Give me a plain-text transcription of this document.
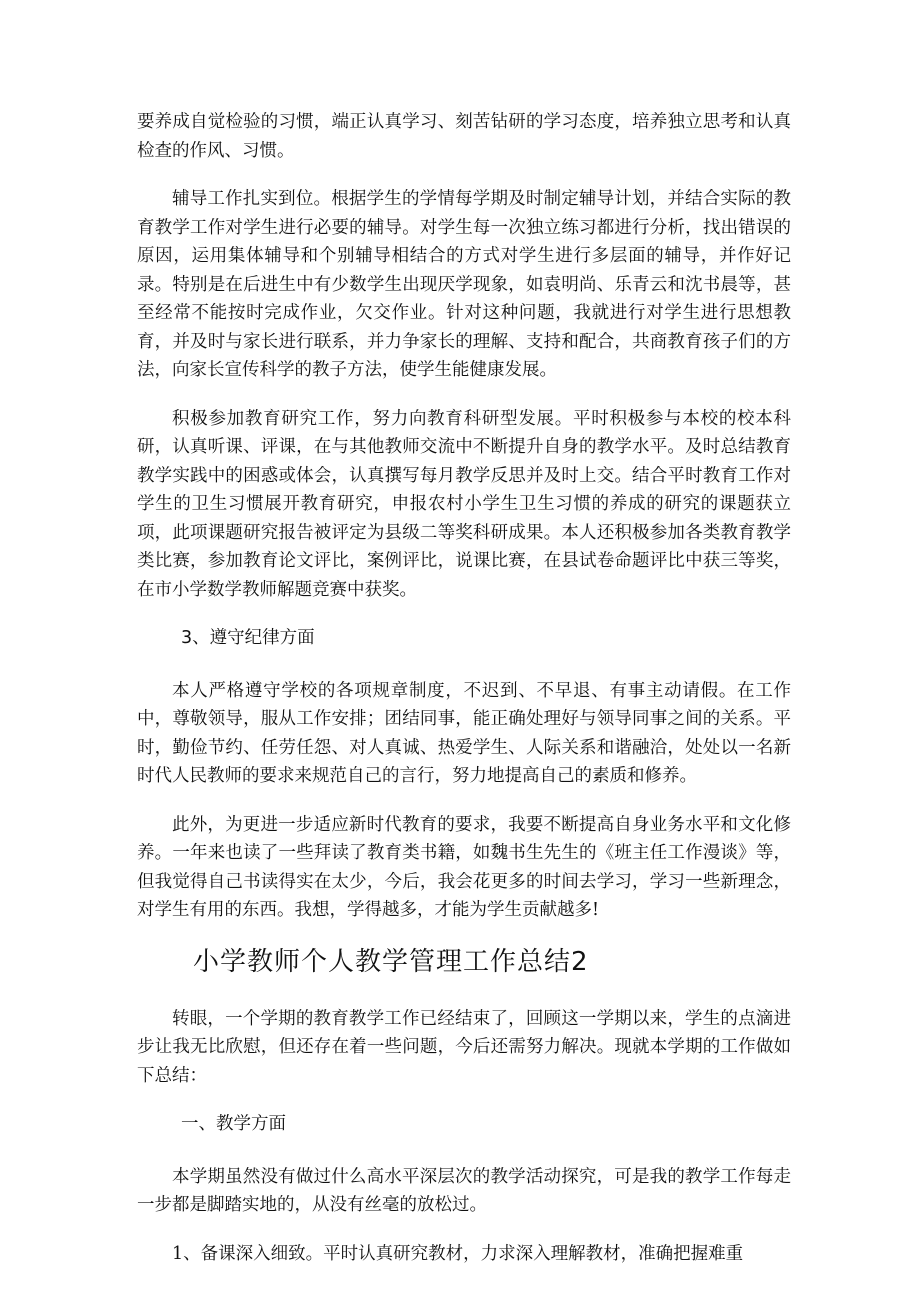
要养成自觉检验的习惯，端正认真学习、刻苦钻研的学习态度，培养独立思考和认真检查的作风、习惯。

辅导工作扎实到位。根据学生的学情每学期及时制定辅导计划，并结合实际的教育教学工作对学生进行必要的辅导。对学生每一次独立练习都进行分析，找出错误的原因，运用集体辅导和个别辅导相结合的方式对学生进行多层面的辅导，并作好记录。特别是在后进生中有少数学生出现厌学现象，如袁明尚、乐青云和沈书晨等，甚至经常不能按时完成作业，欠交作业。针对这种问题，我就进行对学生进行思想教育，并及时与家长进行联系，并力争家长的理解、支持和配合，共商教育孩子们的方法，向家长宣传科学的教子方法，使学生能健康发展。

积极参加教育研究工作，努力向教育科研型发展。平时积极参与本校的校本科研，认真听课、评课，在与其他教师交流中不断提升自身的教学水平。及时总结教育教学实践中的困惑或体会，认真撰写每月教学反思并及时上交。结合平时教育工作对学生的卫生习惯展开教育研究，申报农村小学生卫生习惯的养成的研究的课题获立项，此项课题研究报告被评定为县级二等奖科研成果。本人还积极参加各类教育教学类比赛，参加教育论文评比，案例评比，说课比赛，在县试卷命题评比中获三等奖，在市小学数学教师解题竞赛中获奖。

3、遵守纪律方面

本人严格遵守学校的各项规章制度，不迟到、不早退、有事主动请假。在工作中，尊敬领导，服从工作安排；团结同事，能正确处理好与领导同事之间的关系。平时，勤俭节约、任劳任怨、对人真诚、热爱学生、人际关系和谐融洽，处处以一名新时代人民教师的要求来规范自己的言行，努力地提高自己的素质和修养。

此外，为更进一步适应新时代教育的要求，我要不断提高自身业务水平和文化修养。一年来也读了一些拜读了教育类书籍，如魏书生先生的《班主任工作漫谈》等，但我觉得自己书读得实在太少，今后，我会花更多的时间去学习，学习一些新理念，对学生有用的东西。我想，学得越多，才能为学生贡献越多!

小学教师个人教学管理工作总结2

转眼，一个学期的教育教学工作已经结束了，回顾这一学期以来，学生的点滴进步让我无比欣慰，但还存在着一些问题，今后还需努力解决。现就本学期的工作做如下总结：

一、教学方面

本学期虽然没有做过什么高水平深层次的教学活动探究，可是我的教学工作每走一步都是脚踏实地的，从没有丝毫的放松过。

1、备课深入细致。平时认真研究教材，力求深入理解教材，准确把握难重
